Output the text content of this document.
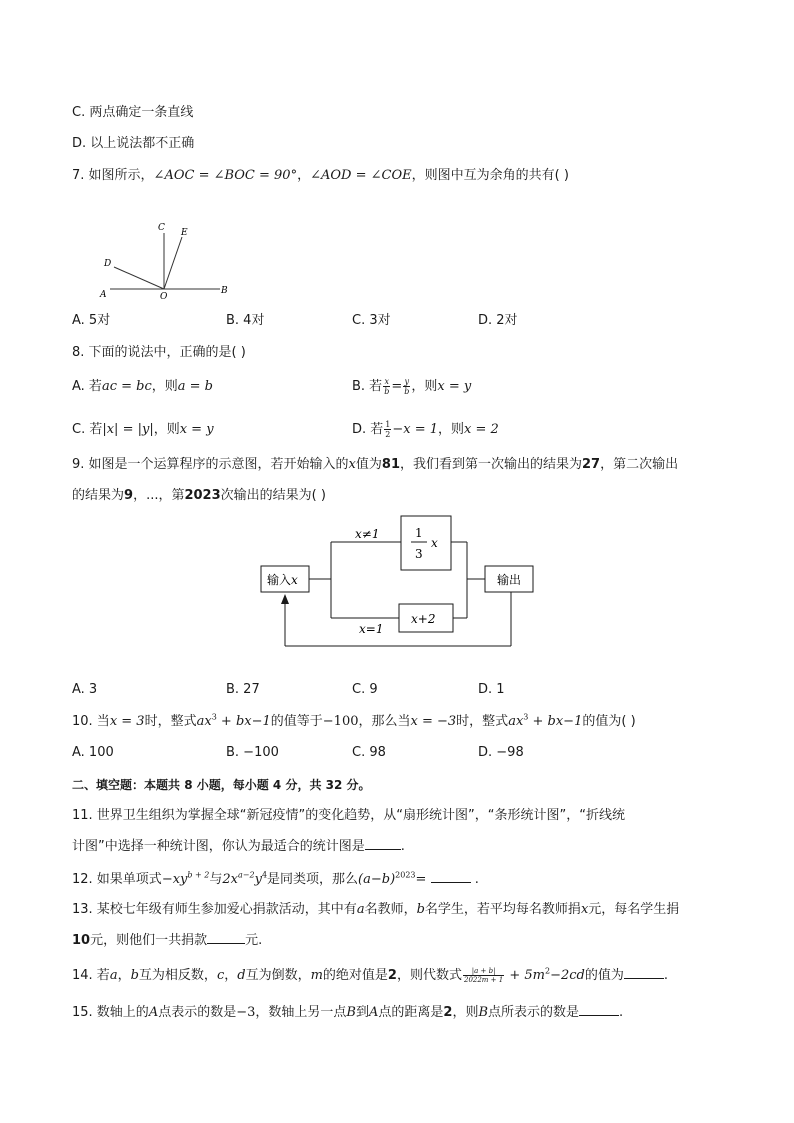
C. 两点确定一条直线
D. 以上说法都不正确
7. 如图所示，∠AOC = ∠BOC = 90°，∠AOD = ∠COE，则图中互为余角的共有( )
A	B
C
D
E
O
A. 5对	B. 4对	C. 3对	D. 2对
8. 下面的说法中，正确的是( )
A. 若ac = bc，则a = b	B. 若 $\frac{x}{b} = \frac{y}{b}$ ，则x = y
C. 若|x| = |y|，则x = y	D. 若 $\frac{1}{2} -x = 1$，则x = 2
9. 如图是一个运算程序的示意图，若开始输入的x值为81，我们看到第一次输出的结果为27，第二次输出
的结果为9，...，第2023次输出的结果为( )
输入x
1
3
x
x≠1
x+2
x=1
输出
A. 3	B. 27	C. 9	D. 1
10. 当x = 3时，整式$ax^3 + bx-1$的值等于−100，那么当x = −3时，整式$ax^3 + bx-1$的值为( )
A. 100	B. −100	C. 98	D. −98
二、填空题：本题共 8 小题，每小题 4 分，共 32 分。
11. 世界卫生组织为掌握全球“新冠疫情”的变化趋势，从“扇形统计图”，“条形统计图”，“折线统
计图”中选择一种统计图，你认为最适合的统计图是	.
12. 如果单项式$-xy^{b + 2}$与$2x^{a-2}y^4$是同类项，那么$(a-b)^{2023}=$	.
13. 某校七年级有师生参加爱心捐款活动，其中有a名教师，b名学生，若平均每名教师捐x元，每名学生捐
10元，则他们一共捐款	元.
14. 若a，b互为相反数，c，d互为倒数，m的绝对值是2，则代数式 $\frac{|a + b|}{2022m + 1} + 5m^2-2cd$的值为	.
15. 数轴上的A点表示的数是−3，数轴上另一点B到A点的距离是2，则B点所表示的数是	.
